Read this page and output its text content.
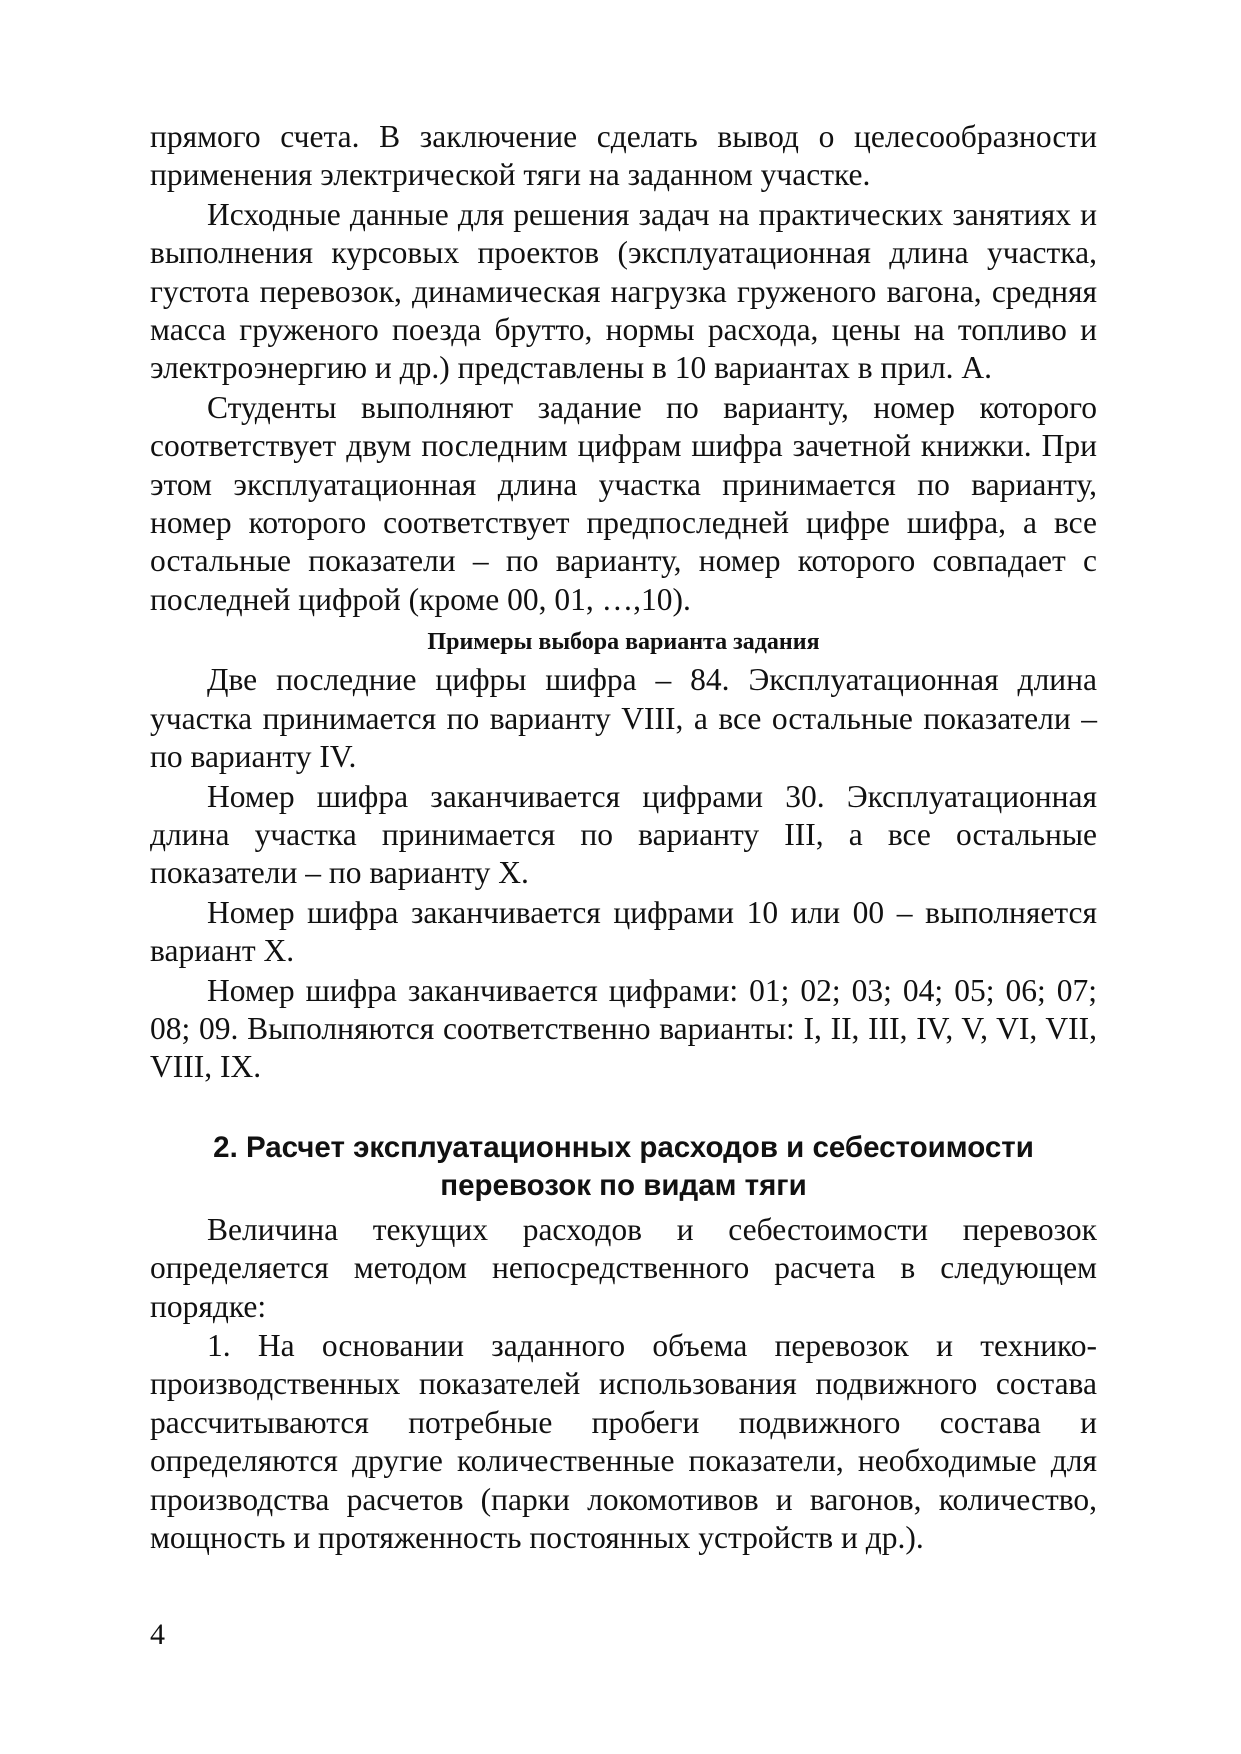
прямого счета. В заключение сделать вывод о целесообразности применения электрической тяги на заданном участке.

Исходные данные для решения задач на практических занятиях и выполнения курсовых проектов (эксплуатационная длина участка, густота перевозок, динамическая нагрузка груженого вагона, средняя масса груженого поезда брутто, нормы расхода, цены на топливо и электроэнергию и др.) представлены в 10 вариантах в прил. А.

Студенты выполняют задание по варианту, номер которого соответствует двум последним цифрам шифра зачетной книжки. При этом эксплуатационная длина участка принимается по варианту, номер которого соответствует предпоследней цифре шифра, а все остальные показатели – по варианту, номер которого совпадает с последней цифрой (кроме 00, 01, …,10).

Примеры выбора варианта задания

Две последние цифры шифра – 84. Эксплуатационная длина участка принимается по варианту VIII, а все остальные показатели – по варианту IV.

Номер шифра заканчивается цифрами 30. Эксплуатационная длина участка принимается по варианту III, а все остальные показатели – по варианту X.

Номер шифра заканчивается цифрами 10 или 00 – выполняется вариант X.

Номер шифра заканчивается цифрами: 01; 02; 03; 04; 05; 06; 07; 08; 09. Выполняются соответственно варианты: I, II, III, IV, V, VI, VII, VIII, IX.

2. Расчет эксплуатационных расходов и себестоимости перевозок по видам тяги

Величина текущих расходов и себестоимости перевозок определяется методом непосредственного расчета в следующем порядке:

1. На основании заданного объема перевозок и технико-производственных показателей использования подвижного состава рассчитываются потребные пробеги подвижного состава и определяются другие количественные показатели, необходимые для производства расчетов (парки локомотивов и вагонов, количество, мощность и протяженность постоянных устройств и др.).

4
